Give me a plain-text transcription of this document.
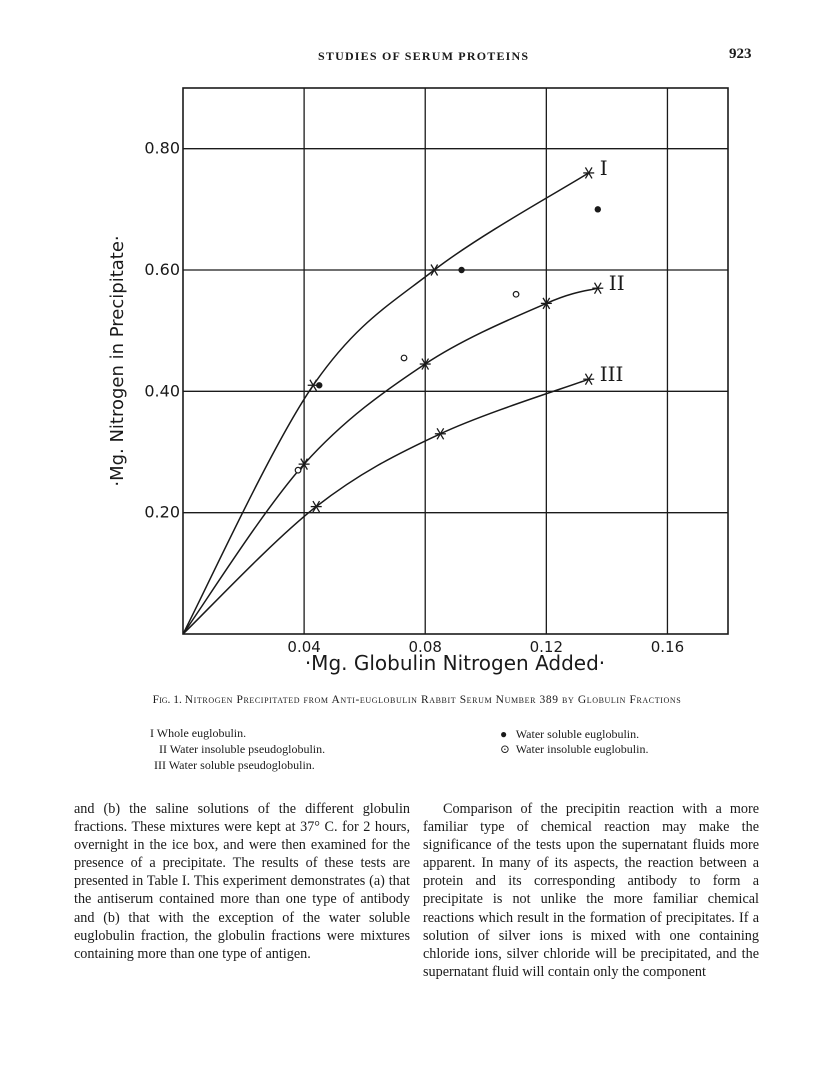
STUDIES OF SERUM PROTEINS	923
0.04	0.08	0.12	0.16
0.20
0.40
0.60
0.80
·Mg. Globulin Nitrogen Added·
·Mg. Nitrogen in Precipitate·
I
II
III
Fig. 1. Nitrogen Precipitated from Anti-euglobulin Rabbit Serum Number 389 by Globulin Fractions
I Whole euglobulin.
II Water insoluble pseudoglobulin.
III Water soluble pseudoglobulin.
● Water soluble euglobulin.
⊙ Water insoluble euglobulin.

and (b) the saline solutions of the different globulin fractions. These mixtures were kept at 37° C. for 2 hours, overnight in the ice box, and were then examined for the presence of a precipitate. The results of these tests are presented in Table I. This experiment demonstrates (a) that the antiserum contained more than one type of antibody and (b) that with the exception of the water soluble euglobulin fraction, the globulin fractions were mixtures containing more than one type of antigen.

Comparison of the precipitin reaction with a more familiar type of chemical reaction may make the significance of the tests upon the supernatant fluids more apparent. In many of its aspects, the reaction between a protein and its corresponding antibody to form a precipitate is not unlike the more familiar chemical reactions which result in the formation of precipitates. If a solution of silver ions is mixed with one containing chloride ions, silver chloride will be precipitated, and the supernatant fluid will contain only the component
